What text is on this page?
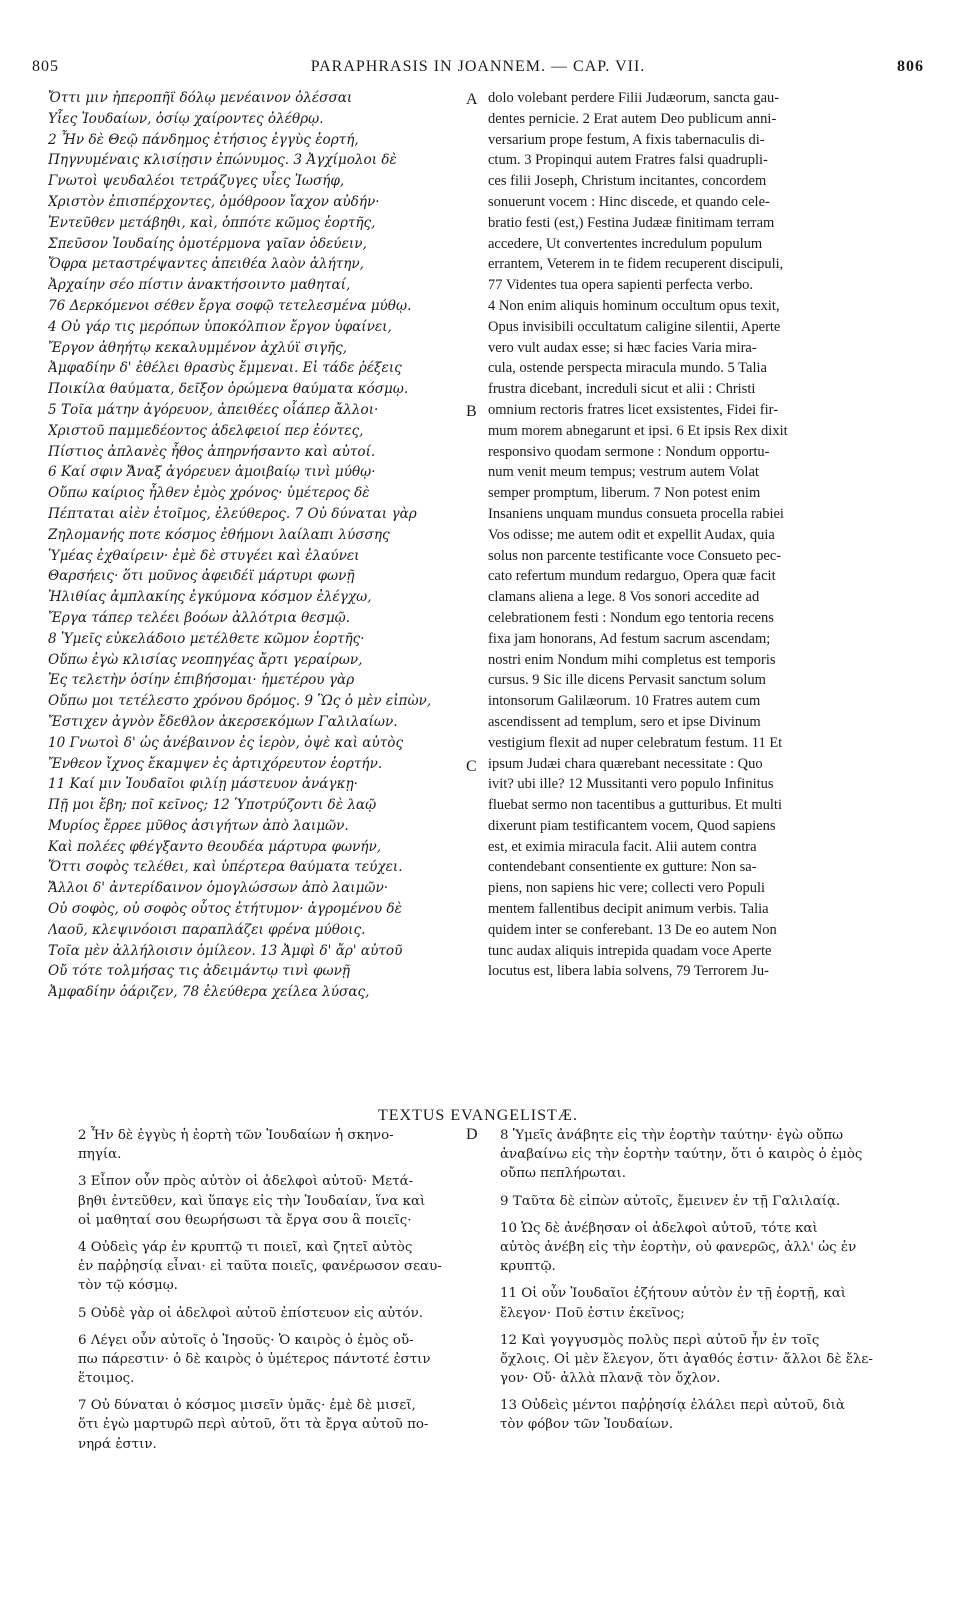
805	PARAPHRASIS IN JOANNEM. — CAP. VII.	806
Ὄττι μιν ἠπεροπῆϊ δόλῳ μενέαινον ὀλέσσαι
Υἷες Ἰουδαίων, ὁσίῳ χαίροντες ὀλέθρῳ.
2 Ἦν δὲ Θεῷ πάνδημος ἐτήσιος ἐγγὺς ἑορτή,
Πηγνυμέναις κλισίῃσιν ἐπώνυμος. 3 Ἀγχίμολοι δὲ
Γνωτοὶ ψευδαλέοι τετράζυγες υἷες Ἰωσήφ,
Χριστὸν ἐπισπέρχοντες, ὁμόθροον ἴαχον αὐδήν·
Ἐντεῦθεν μετάβηθι, καὶ, ὁππότε κῶμος ἑορτῆς,
Σπεῦσον Ἰουδαίης ὁμοτέρμονα γαῖαν ὁδεύειν,
Ὄφρα μεταστρέψαντες ἀπειθέα λαὸν ἀλήτην,
Ἀρχαίην σέο πίστιν ἀνακτήσοιντο μαθηταί,
76 Δερκόμενοι σέθεν ἔργα σοφῷ τετελεσμένα μύθῳ.
4 Οὐ γάρ τις μερόπων ὑποκόλπιον ἔργον ὑφαίνει,
Ἔργον ἀθηήτῳ κεκαλυμμένον ἀχλύϊ σιγῆς,
Ἀμφαδίην δ' ἐθέλει θρασὺς ἔμμεναι. Εἰ τάδε ῥέξεις
Ποικίλα θαύματα, δεῖξον ὁρώμενα θαύματα κόσμῳ.
5 Τοῖα μάτην ἀγόρευον, ἀπειθέες οἷάπερ ἄλλοι·
Χριστοῦ παμμεδέοντος ἀδελφειοί περ ἐόντες,
Πίστιος ἀπλανὲς ἦθος ἀπηρνήσαντο καὶ αὐτοί.
6 Καί σφιν Ἄναξ ἀγόρευεν ἀμοιβαίῳ τινὶ μύθῳ·
Οὔπω καίριος ἦλθεν ἐμὸς χρόνος· ὑμέτερος δὲ
Πέπταται αἰὲν ἑτοῖμος, ἐλεύθερος. 7 Οὐ δύναται γὰρ
Ζηλομανής ποτε κόσμος ἐθήμονι λαίλαπι λύσσης
Ὑμέας ἐχθαίρειν· ἐμὲ δὲ στυγέει καὶ ἐλαύνει
Θαρσήεις· ὅτι μοῦνος ἀφειδέϊ μάρτυρι φωνῇ
Ἠλιθίας ἀμπλακίης ἐγκύμονα κόσμον ἐλέγχω,
Ἔργα τάπερ τελέει βοόων ἀλλότρια θεσμῷ.
8 Ὑμεῖς εὐκελάδοιο μετέλθετε κῶμον ἑορτῆς·
Οὔπω ἐγὼ κλισίας νεοπηγέας ἄρτι γεραίρων,
Ἐς τελετὴν ὁσίην ἐπιβήσομαι· ἡμετέρου γὰρ
Οὔπω μοι τετέλεστο χρόνου δρόμος. 9 Ὣς ὁ μὲν εἰπὼν,
Ἔστιχεν ἀγνὸν ἔδεθλον ἀκερσεκόμων Γαλιλαίων.
10 Γνωτοὶ δ' ὡς ἀνέβαινον ἐς ἱερὸν, ὀψὲ καὶ αὐτὸς
Ἔνθεον ἴχνος ἔκαμψεν ἐς ἀρτιχόρευτον ἑορτήν.
11 Καί μιν Ἰουδαῖοι φιλίῃ μάστευον ἀνάγκῃ·
Πῇ μοι ἔβη; ποῖ κεῖνος; 12 Ὑποτρύζοντι δὲ λαῷ
Μυρίος ἔρρεε μῦθος ἀσιγήτων ἀπὸ λαιμῶν.
Καὶ πολέες φθέγξαντο θεουδέα μάρτυρα φωνήν,
Ὅττι σοφὸς τελέθει, καὶ ὑπέρτερα θαύματα τεύχει.
Ἄλλοι δ' ἀντερίδαινον ὁμογλώσσων ἀπὸ λαιμῶν·
Οὐ σοφὸς, οὐ σοφὸς οὗτος ἐτήτυμον· ἀγρομένου δὲ
Λαοῦ, κλεψινόοισι παραπλάζει φρένα μύθοις.
Τοῖα μὲν ἀλλήλοισιν ὁμίλεον. 13 Ἀμφὶ δ' ἄρ' αὐτοῦ
Οὔ τότε τολμήσας τις ἀδειμάντῳ τινὶ φωνῇ
Ἀμφαδίην ὀάριζεν, 78 ἐλεύθερα χείλεα λύσας,
dolo volebant perdere Filii Judæorum, sancta gau-
dentes pernicie. 2 Erat autem Deo publicum anni-
versarium prope festum, A fixis tabernaculis di-
ctum. 3 Propinqui autem Fratres falsi quadrupli-
ces filii Joseph, Christum incitantes, concordem
sonuerunt vocem : Hinc discede, et quando cele-
bratio festi (est,) Festina Judææ finitimam terram
accedere, Ut convertentes incredulum populum
errantem, Veterem in te fidem recuperent discipuli,
77 Videntes tua opera sapienti perfecta verbo.
4 Non enim aliquis hominum occultum opus texit,
Opus invisibili occultatum caligine silentii, Aperte
vero vult audax esse; si hæc facies Varia mira-
cula, ostende perspecta miracula mundo. 5 Talia
frustra dicebant, increduli sicut et alii : Christi
omnium rectoris fratres licet exsistentes, Fidei fir-
mum morem abnegarunt et ipsi. 6 Et ipsis Rex dixit
responsivo quodam sermone : Nondum opportu-
num venit meum tempus; vestrum autem Volat
semper promptum, liberum. 7 Non potest enim
Insaniens unquam mundus consueta procella rabiei
Vos odisse; me autem odit et expellit Audax, quia
solus non parcente testificante voce Consueto pec-
cato refertum mundum redarguo, Opera quæ facit
clamans aliena a lege. 8 Vos sonori accedite ad
celebrationem festi : Nondum ego tentoria recens
fixa jam honorans, Ad festum sacrum ascendam;
nostri enim Nondum mihi completus est temporis
cursus. 9 Sic ille dicens Pervasit sanctum solum
intonsorum Galilæorum. 10 Fratres autem cum
ascendissent ad templum, sero et ipse Divinum
vestigium flexit ad nuper celebratum festum. 11 Et
ipsum Judæi chara quærebant necessitate : Quo
ivit? ubi ille? 12 Mussitanti vero populo Infinitus
fluebat sermo non tacentibus a gutturibus. Et multi
dixerunt piam testificantem vocem, Quod sapiens
est, et eximia miracula facit. Alii autem contra
contendebant consentiente ex gutture: Non sa-
piens, non sapiens hic vere; collecti vero Populi
mentem fallentibus decipit animum verbis. Talia
quidem inter se conferebant. 13 De eo autem Non
tunc audax aliquis intrepida quadam voce Aperte
locutus est, libera labia solvens, 79 Terrorem Ju-
A
B
C
D
TEXTUS EVANGELISTÆ.
2 Ἦν δὲ ἐγγὺς ἡ ἑορτὴ τῶν Ἰουδαίων ἡ σκηνο-
πηγία.
3 Εἶπον οὖν πρὸς αὐτὸν οἱ ἀδελφοὶ αὐτοῦ· Μετά-
βηθι ἐντεῦθεν, καὶ ὕπαγε εἰς τὴν Ἰουδαίαν, ἵνα καὶ
οἱ μαθηταί σου θεωρήσωσι τὰ ἔργα σου ἃ ποιεῖς·
4 Οὐδεὶς γάρ ἐν κρυπτῷ τι ποιεῖ, καὶ ζητεῖ αὐτὸς
ἐν παῤῥησίᾳ εἶναι· εἰ ταῦτα ποιεῖς, φανέρωσον σεαυ-
τὸν τῷ κόσμῳ.
5 Οὐδὲ γὰρ οἱ ἀδελφοὶ αὐτοῦ ἐπίστευον εἰς αὐτόν.
6 Λέγει οὖν αὐτοῖς ὁ Ἰησοῦς· Ὁ καιρὸς ὁ ἐμὸς οὔ-
πω πάρεστιν· ὁ δὲ καιρὸς ὁ ὑμέτερος πάντοτέ ἐστιν
ἕτοιμος.
7 Οὐ δύναται ὁ κόσμος μισεῖν ὑμᾶς· ἐμὲ δὲ μισεῖ,
ὅτι ἐγὼ μαρτυρῶ περὶ αὐτοῦ, ὅτι τὰ ἔργα αὐτοῦ πο-
νηρά ἐστιν.
8 Ὑμεῖς ἀνάβητε εἰς τὴν ἑορτὴν ταύτην· ἐγὼ οὔπω
ἀναβαίνω εἰς τὴν ἑορτὴν ταύτην, ὅτι ὁ καιρὸς ὁ ἐμὸς
οὔπω πεπλήρωται.
9 Ταῦτα δὲ εἰπὼν αὐτοῖς, ἔμεινεν ἐν τῇ Γαλιλαίᾳ.
10 Ὡς δὲ ἀνέβησαν οἱ ἀδελφοὶ αὐτοῦ, τότε καὶ
αὐτὸς ἀνέβη εἰς τὴν ἑορτὴν, οὐ φανερῶς, ἀλλ' ὡς ἐν
κρυπτῷ.
11 Οἱ οὖν Ἰουδαῖοι ἐζήτουν αὐτὸν ἐν τῇ ἑορτῇ, καὶ
ἔλεγον· Ποῦ ἐστιν ἐκεῖνος;
12 Καὶ γογγυσμὸς πολὺς περὶ αὐτοῦ ἦν ἐν τοῖς
ὄχλοις. Οἱ μὲν ἔλεγον, ὅτι ἀγαθός ἐστιν· ἄλλοι δὲ ἔλε-
γον· Οὔ· ἀλλὰ πλανᾷ τὸν ὄχλον.
13 Οὐδεὶς μέντοι παῤῥησίᾳ ἐλάλει περὶ αὐτοῦ, διὰ
τὸν φόβον τῶν Ἰουδαίων.
